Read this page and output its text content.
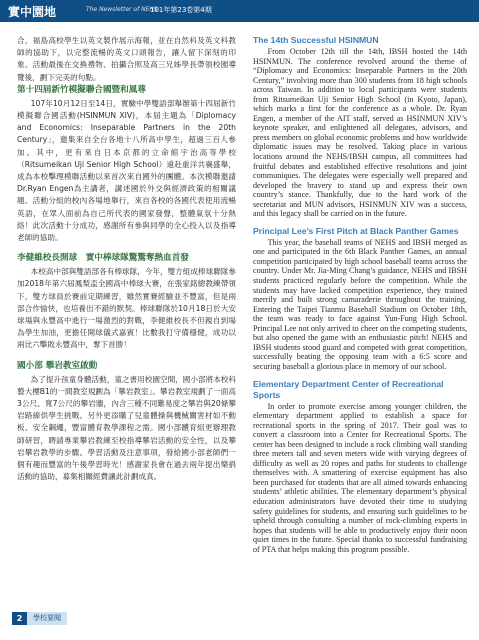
實中園地	The Newsletter of NEHS
101年第23卷第4期

合，福島高校學生以英文製作展示海報，並在自然科及英文科教師的協助下，以完整流暢的英文口頭報告，讓人留下深刻的印象。活動最後在交換禮物、拍攝合照及高三兄姊學長帶領校園導覽後，劃下完美的句點。

第十四屆新竹模擬聯合國暨和風尊

107年10月12日至14日，實驗中學雙語部舉辦第十四屆新竹模擬聯合國活動(HSINMUN XIV)，本屆主題為「Diplomacy and Economics: Inseparable Partners in the 20th Century」，邀集來自全台各地十八所高中學生，超過三百人參加。其中，更有來自日本京都的立命館宇治高等學校（Ritsumeikan Uji Senior High School）遠赴重洋共襄盛舉，成為本校擊理模聯活動以來首次來自國外的團體。本次模聯邀請Dr.Ryan Engen為主講者，講述國於外交與經濟政策的相關議題。活動分組的校內各場地舉行，來自各校的各國代表使用流暢英語，在眾人面前為自己所代表的國家發聲，整體氣氛十分熱絡！此次活動十分成功，感謝所有參與同學的全心投入以及指導老師的協助。

李健維校長開球　實中棒球隊驚驚奪熱血首發

本校高中部與雙語部各有棒球隊，今年，雙方組成棒球聯隊參加2018年第六屆鳳梨盃全國高中棒球大賽，在張家銘總教練帶領下，雙方球員於賽前定期練習，雖然實賽經驗並不豐富，但是兩部合作愉快，也培養出不錯的默契。棒球聯隊於10月18日於大安球場與永豐高中進行一場激烈的對戰，李健維校長不但親自到場為學生加油，更擔任開球儀式嘉賓！比數我打守備穩健，成功以兩比六擊敗永豐高中，奪下首勝！

國小部 攀岩教室啟動

為了提升孩童身體活動，童之書用校園空間，國小部將本校科藝大樓B1的一間教室規劃為「攀岩教室」。攀岩教室規劃了一面高3公尺、寬7公尺的攀岩牆，內含三種不同難易度之攀岩與20條攀岩路線供學生挑戰。另外更添購了兒童體操與機械關害材如不動板、安全鋼繩，豐富體育教學課程之需。國小部體育組更辦理教師研習，聘請專業攀岩教練至校指導攀岩活動的安全性，以及攀岩攀岩教學的步驟。學習活動及注意事項，發給國小部老師們一個有趣而豐富的午後學習時光！感謝家長會在過去兩年提出樂捐活動的協助，募集相關經費讓此計劃成真。

The 14th Successful HSINMUN

From October 12th till the 14th, IBSH hosted the 14th HSINMUN. The conference revolved around the theme of “Diplomacy and Economics: Inseparable Partners in the 20th Century,” involving more than 300 students from 18 high schools across Taiwan. In addition to local participants were students from Ritsumeikan Uji Senior High School (in Kyoto, Japan), which marks a first for the conference as a whole. Dr. Ryan Engen, a member of the AIT staff, served as HSINMUN XIV’s keynote speaker, and enlightened all delegates, advisors, and press members on global economic problems and how worldwide diplomatic issues may be resolved. Taking place in various locations around the NEHS/IBSH campus, all committees had fruitful debates and established effective resolutions and joint communiques. The delegates were especially well prepared and developed the bravery to stand up and express their own country’s stance. Thankfully, due to the hard work of the secretariat and MUN advisors, HSINMUN XIV was a success, and this legacy shall be carried on in the future.

Principal Lee’s First Pitch at Black Panther Games

This year, the baseball teams of NEHS and IBSH merged as one and participated in the 6th Black Panther Games, an annual competition participated by high school baseball teams across the country. Under Mr. Jia-Ming Chang’s guidance, NEHS and IBSH students practiced regularly before the competition. While the students may have lacked competition experience, they trained merrily and built strong camaraderie throughout the training. Entering the Taipei Tianmu Baseball Stadium on October 18th, the team was ready to face against Yun-Fung High School. Principal Lee not only arrived to cheer on the competing students, but also opened the game with an enthusiastic pitch! NEHS and IBSH students stood guard and competed with great competition, successfully beating the opposing team with a 6:5 score and securing baseball a glorious place in memory of our school.

Elementary Department Center of Recreational Sports

In order to promote exercise among younger children, the elementary department applied to establish a space for recreational sports in the spring of 2017. Their goal was to convert a classroom into a Center for Recreational Sports. The center has been designed to include a rock climbing wall standing three meters tall and seven meters wide with varying degrees of difficulty as well as 20 ropes and paths for students to challenge themselves with. A smattering of exercise equipment has also been purchased for students that are all aimed towards enhancing students’ athletic abilities. The elementary department’s physical education administrators have devoted their time to studying safety guidelines for students, and ensuring such guidelines to be upheld through consulting a number of rock-climbing experts in hopes that students will be able to productively enjoy their noon quiet times in the future. Special thanks to successful fundraising of PTA that helps making this program possible.

2	學校要聞
